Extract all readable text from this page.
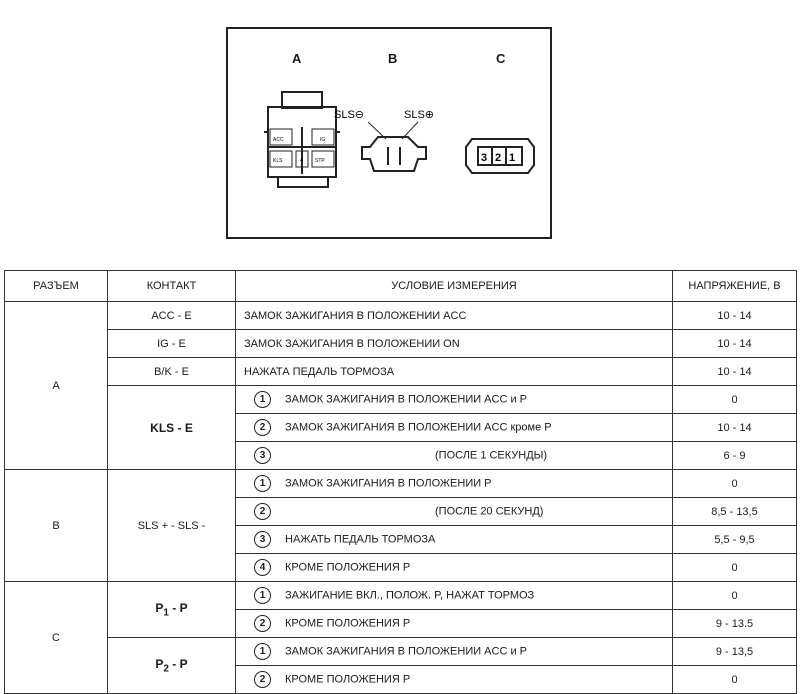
A	B	C
ACC	IG
KLS	4 STP
SLS⊖	SLS⊕
3 2 1
РАЗЪЕМ	КОНТАКТ	УСЛОВИЕ ИЗМЕРЕНИЯ	НАПРЯЖЕНИЕ, В
A	ACC - E	ЗАМОК ЗАЖИГАНИЯ В ПОЛОЖЕНИИ ACC	10 - 14
	IG - E	ЗАМОК ЗАЖИГАНИЯ В ПОЛОЖЕНИИ ON	10 - 14
	B/K - E	НАЖАТА ПЕДАЛЬ ТОРМОЗА	10 - 14
	KLS - E	1 ЗАМОК ЗАЖИГАНИЯ В ПОЛОЖЕНИИ ACC и P	0
		2 ЗАМОК ЗАЖИГАНИЯ В ПОЛОЖЕНИИ ACC кроме P	10 - 14
		3 (ПОСЛЕ 1 СЕКУНДЫ)	6 - 9
B	SLS + - SLS -	1 ЗАМОК ЗАЖИГАНИЯ В ПОЛОЖЕНИИ P	0
		2 (ПОСЛЕ 20 СЕКУНД)	8,5 - 13,5
		3 НАЖАТЬ ПЕДАЛЬ ТОРМОЗА	5,5 - 9,5
		4 КРОМЕ ПОЛОЖЕНИЯ P	0
C	$P_1$ - P	1 ЗАЖИГАНИЕ ВКЛ., ПОЛОЖ. P, НАЖАТ ТОРМОЗ	0
		2 КРОМЕ ПОЛОЖЕНИЯ P	9 - 13.5
	$P_2$ - P	1 ЗАМОК ЗАЖИГАНИЯ В ПОЛОЖЕНИИ ACC и P	9 - 13,5
		2 КРОМЕ ПОЛОЖЕНИЯ P	0
